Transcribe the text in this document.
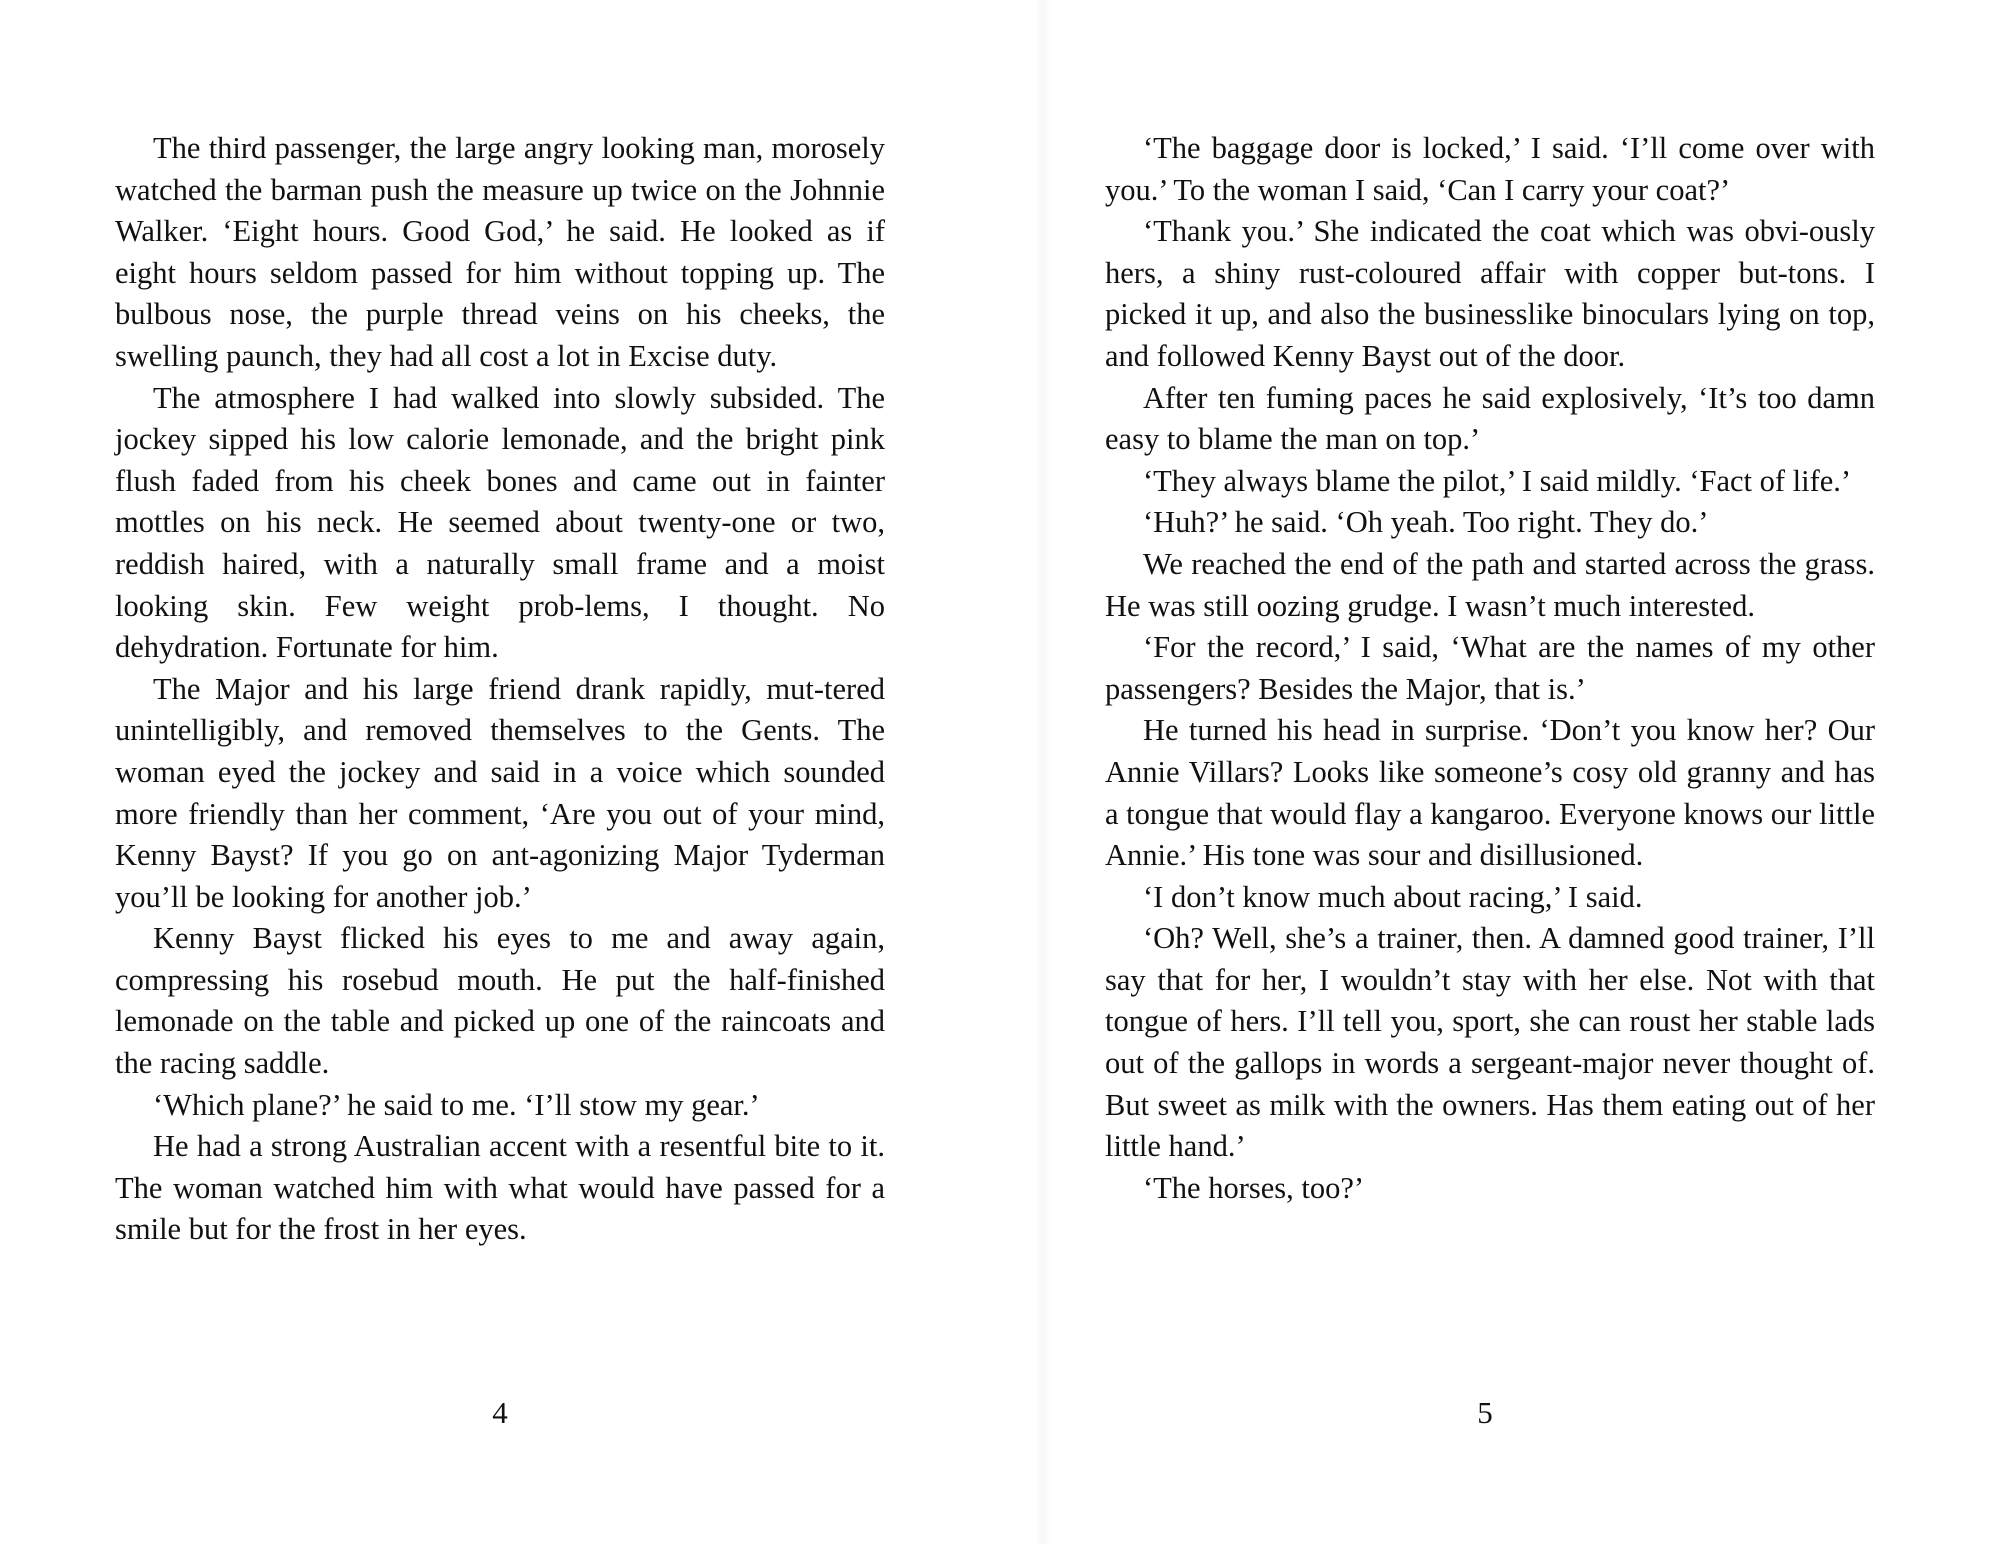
The third passenger, the large angry looking man, morosely watched the barman push the measure up twice on the Johnnie Walker. ‘Eight hours. Good God,’ he said. He looked as if eight hours seldom passed for him without topping up. The bulbous nose, the purple thread veins on his cheeks, the swelling paunch, they had all cost a lot in Excise duty.

The atmosphere I had walked into slowly subsided. The jockey sipped his low calorie lemonade, and the bright pink flush faded from his cheek bones and came out in fainter mottles on his neck. He seemed about twenty-one or two, reddish haired, with a naturally small frame and a moist looking skin. Few weight prob-lems, I thought. No dehydration. Fortunate for him.

The Major and his large friend drank rapidly, mut-tered unintelligibly, and removed themselves to the Gents. The woman eyed the jockey and said in a voice which sounded more friendly than her comment, ‘Are you out of your mind, Kenny Bayst? If you go on ant-agonizing Major Tyderman you’ll be looking for another job.’

Kenny Bayst flicked his eyes to me and away again, compressing his rosebud mouth. He put the half-finished lemonade on the table and picked up one of the raincoats and the racing saddle.

‘Which plane?’ he said to me. ‘I’ll stow my gear.’

He had a strong Australian accent with a resentful bite to it. The woman watched him with what would have passed for a smile but for the frost in her eyes.

4

‘The baggage door is locked,’ I said. ‘I’ll come over with you.’ To the woman I said, ‘Can I carry your coat?’

‘Thank you.’ She indicated the coat which was obvi-ously hers, a shiny rust-coloured affair with copper but-tons. I picked it up, and also the businesslike binoculars lying on top, and followed Kenny Bayst out of the door.

After ten fuming paces he said explosively, ‘It’s too damn easy to blame the man on top.’

‘They always blame the pilot,’ I said mildly. ‘Fact of life.’

‘Huh?’ he said. ‘Oh yeah. Too right. They do.’

We reached the end of the path and started across the grass. He was still oozing grudge. I wasn’t much interested.

‘For the record,’ I said, ‘What are the names of my other passengers? Besides the Major, that is.’

He turned his head in surprise. ‘Don’t you know her? Our Annie Villars? Looks like someone’s cosy old granny and has a tongue that would flay a kangaroo. Everyone knows our little Annie.’ His tone was sour and disillusioned.

‘I don’t know much about racing,’ I said.

‘Oh? Well, she’s a trainer, then. A damned good trainer, I’ll say that for her, I wouldn’t stay with her else. Not with that tongue of hers. I’ll tell you, sport, she can roust her stable lads out of the gallops in words a sergeant-major never thought of. But sweet as milk with the owners. Has them eating out of her little hand.’

‘The horses, too?’

5
